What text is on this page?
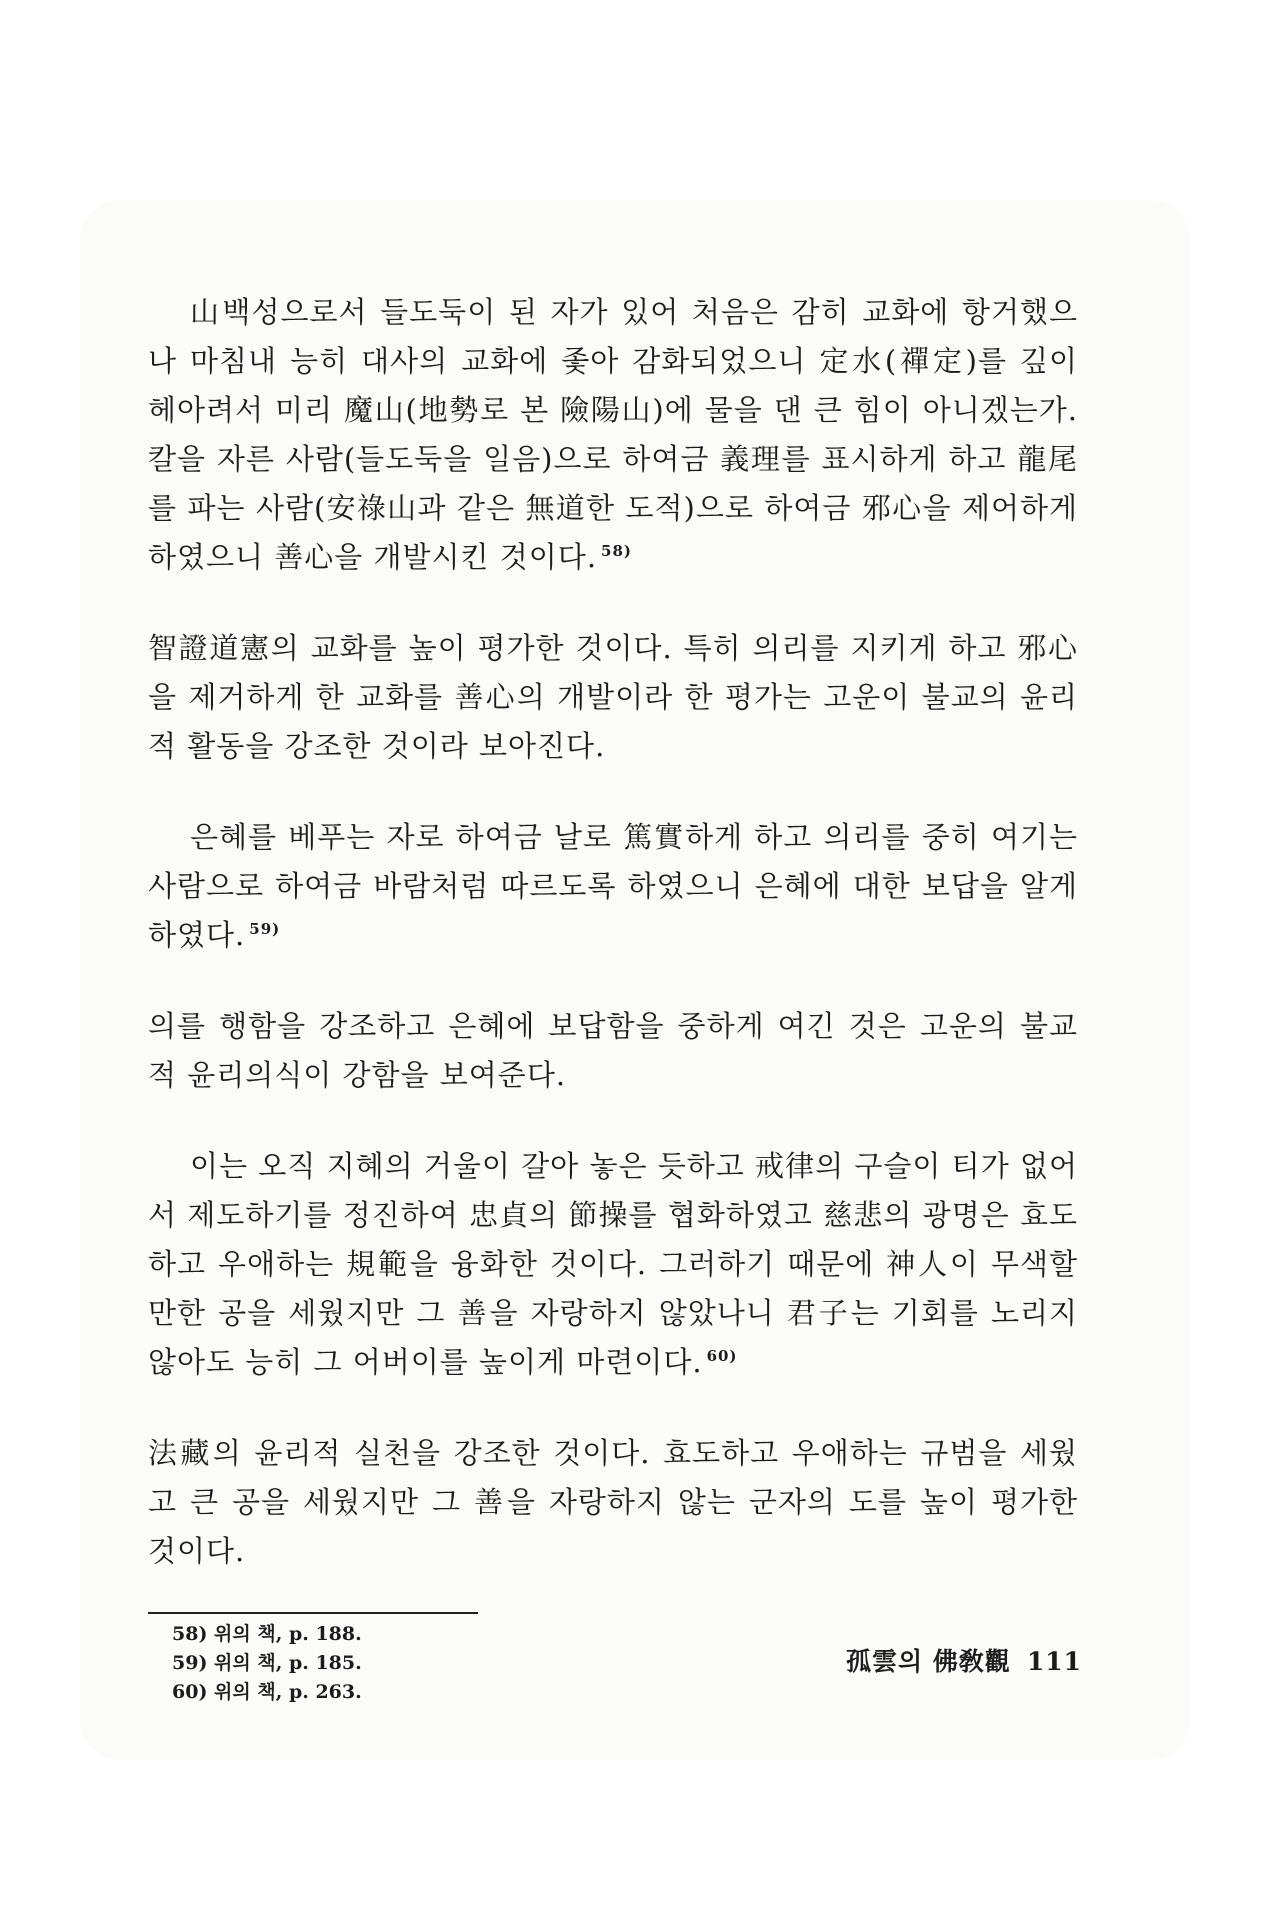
山백성으로서 들도둑이 된 자가 있어 처음은 감히 교화에 항거했으나 마침내 능히 대사의 교화에 좇아 감화되었으니 定水(禪定)를 깊이 헤아려서 미리 魔山(地勢로 본 險陽山)에 물을 댄 큰 힘이 아니겠는가. 칼을 자른 사람(들도둑을 일음)으로 하여금 義理를 표시하게 하고 龍尾를 파는 사람(安祿山과 같은 無道한 도적)으로 하여금 邪心을 제어하게 하였으니 善心을 개발시킨 것이다. $^{58)}$
智證道憲의 교화를 높이 평가한 것이다. 특히 의리를 지키게 하고 邪心을 제거하게 한 교화를 善心의 개발이라 한 평가는 고운이 불교의 윤리적 활동을 강조한 것이라 보아진다.
은혜를 베푸는 자로 하여금 날로 篤實하게 하고 의리를 중히 여기는 사람으로 하여금 바람처럼 따르도록 하였으니 은혜에 대한 보답을 알게 하였다. $^{59)}$
의를 행함을 강조하고 은혜에 보답함을 중하게 여긴 것은 고운의 불교적 윤리의식이 강함을 보여준다.
이는 오직 지혜의 거울이 갈아 놓은 듯하고 戒律의 구슬이 티가 없어서 제도하기를 정진하여 忠貞의 節操를 협화하였고 慈悲의 광명은 효도하고 우애하는 規範을 융화한 것이다. 그러하기 때문에 神人이 무색할 만한 공을 세웠지만 그 善을 자랑하지 않았나니 君子는 기회를 노리지 않아도 능히 그 어버이를 높이게 마련이다. $^{60)}$
法藏의 윤리적 실천을 강조한 것이다. 효도하고 우애하는 규범을 세웠고 큰 공을 세웠지만 그 善을 자랑하지 않는 군자의 도를 높이 평가한 것이다.
58) 위의 책, p. 188.
59) 위의 책, p. 185.
60) 위의 책, p. 263.
孤雲의 佛敎觀 111
